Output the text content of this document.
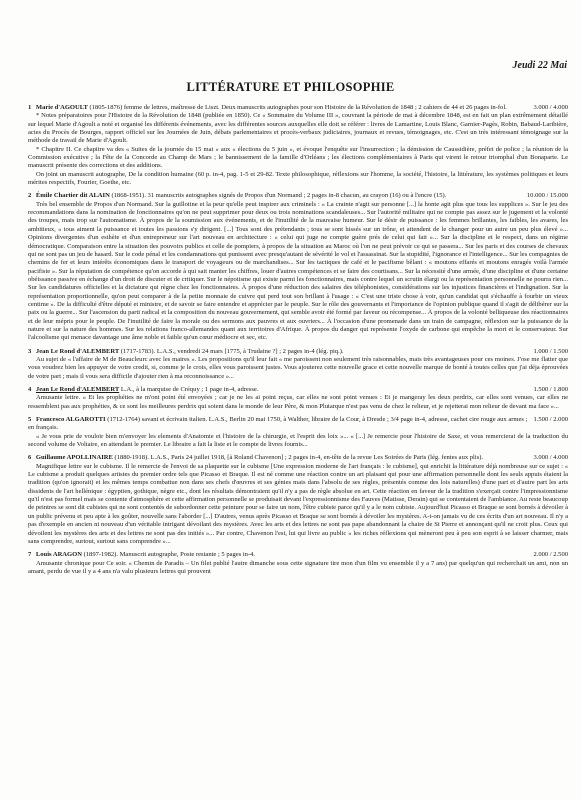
Jeudi 22 Mai
LITTÉRATURE ET PHILOSOPHIE

3.000 / 4.000
1 Marie d'AGOULT (1805-1876) femme de lettres, maîtresse de Liszt. Deux manuscrits autographes pour son Histoire de la Révolution de 1848 ; 2 cahiers de 44 et 26 pages in-fol.

* Notes préparatoires pour l'Histoire de la Révolution de 1848 (publiée en 1850). Ce « Sommaire du Volume III », couvrant la période de mai à décembre 1848, est en fait un plan extrêmement détaillé sur lequel Marie d'Agoult a noté et organisé les différents événements, avec les différentes sources auxquelles elle doit se référer : livres de Lamartine, Louis Blanc, Garnier-Pagès, Robin, Babaud-Laribière, actes du Procès de Bourges, rapport officiel sur les Journées de Juin, débats parlementaires et procès-verbaux judiciaires, journaux et revues, témoignages, etc. C'est un très intéressant témoignage sur la méthode de travail de Marie d'Agoult.

* Chapitre II. Ce chapitre va des « Suites de la journée du 15 mai » aux « élections du 5 juin », et évoque l'enquête sur l'insurrection ; la démission de Caussidière, préfet de police ; la réunion de la Commission exécutive ; la Fête de la Concorde au Champ de Mars ; le bannissement de la famille d'Orléans ; les élections complémentaires à Paris qui virent le retour triomphal d'un Bonaparte. Le manuscrit présente des corrections et des additions.

On joint un manuscrit autographe, De la condition humaine (60 p. in-4, pag. 1-5 et 29-82. Texte philosophique, réflexions sur l'homme, la société, l'histoire, la littérature, les systèmes politiques et leurs mérites respectifs, Fourier, Goethe, etc.

10.000 / 15.000
2 Émile Chartier dit ALAIN (1868-1951). 31 manuscrits autographes signés de Propos d'un Normand ; 2 pages in-8 chacun, au crayon (16) ou à l'encre (15).

Très bel ensemble de Propos d'un Normand. Sur la guillotine et la peur qu'elle peut inspirer aux criminels : « La crainte n'agit sur personne [...] la honte agit plus que tous les supplices ». Sur le jeu des recommandations dans la nomination de fonctionnaires qu'on ne peut supprimer pour deux ou trois nominations scandaleuses... Sur l'autorité militaire qui ne compte pas assez sur le jugement et la volonté des troupes, mais trop sur l'automatisme. À propos de la soumission aux événements, et de l'inutilité de la mauvaise humeur. Sur le désir de puissance : les femmes brillantes, les faibles, les avares, les ambitieux, « tous aiment la puissance et toutes les passions s'y dirigent. [...] Tous sont des prétendants ; tous se sont hissés sur un trône, et attendent de le changer pour un autre un peu plus élevé »... Opinions divergentes d'un esthète et d'un entrepreneur sur l'art nouveau en architecture : « celui qui juge ne compte guère prés de celui qui fait »... Sur la discipline et le respect, dans un régime démocratique. Comparaison entre la situation des pouvoirs publics et celle de pompiers, à propos de la situation au Maroc où l'on ne peut prévoir ce qui se passera... Sur les paris et des courses de chevaux qui ne sont pas un jeu de hasard. Sur le code pénal et les condamnations qui punissent avec presqu'autant de sévérité le vol et l'assassinat. Sur la stupidité, l'ignorance et l'intelligence... Sur les compagnies de chemins de fer et leurs intérêts économiques dans le transport de voyageurs ou de marchandises... Sur les tactiques de café et le pacifisme bêlant : « moutons effarés et moutons enragés voilà l'armée pacifiste ». Sur la réputation de compétence qu'on accorde à qui sait manier les chiffres, louer d'autres compétences et se faire des courtisans... Sur la nécessité d'une armée, d'une discipline et d'une certaine obéissance passive en échange d'un droit de discuter et de critiquer. Sur le népotisme qui existe parmi les fonctionnaires, mais contre lequel un scrutin élargi ou la représentation personnelle ne pourra rien... Sur les candidatures officielles et la dictature qui règne chez les fonctionnaires. À propos d'une réduction des salaires des téléphonistes, considérations sur les injustices financières et l'indignation. Sur la représentation proportionnelle, qu'on peut comparer à de la petite monnaie de cuivre qui perd tout son brillant à l'usage : « C'est une triste chose à voir, qu'un candidat qui s'échauffe à fourbir un vieux centime ». De la difficulté d'être député et ministre, et de savoir se faire entendre et apprécier par le peuple. Sur le rôle des gouvernants et l'importance de l'opinion publique quand il s'agit de délibérer sur la paix ou la guerre... Sur l'ascension du parti radical et la composition du nouveau gouvernement, qui semble avoir été formé par faveur ou récompense... À propos de la volonté belliqueuse des réactionnaires et de leur mépris pour le peuple. De l'inutilité de faire la morale ou des sermons aux pauvres et aux ouvriers... À l'occasion d'une promenade dans un train de campagne, réflexion sur la puissance de la nature et sur la nature des hommes. Sur les relations franco-allemandes quant aux territoires d'Afrique. À propos du danger qui représente l'oxyde de carbone qui empêche la mort et le conservateur. Sur l'alcoolisme qui menace davantage une âme noble et faible qu'un cœur médiocre et sec, etc.

1.000 / 1.500
3 Jean Le Rond d'ALEMBERT (1717-1783). L.A.S., vendredi 24 mars [1775, à Trudaine ?] ; 2 pages in-4 (lég. piq.).

Au sujet de « l'affaire de M de Beaucleurc avec les maires ». Les propositions qu'il leur fait « me paroissent non seulement très raisonnables, mais très avantageuses pour ces moines. J'ose me flatter que vous voudrez bien les appuyer de votre credit, si, comme je le crois, elles vous paroissent justes. Vous ajouterez cette nouvelle grace et cette nouvelle marque de bonté à toutes celles que j'ai déja éprouvées de votre part ; mais il vous sera difficile d'ajouter rien à ma reconnoissance »...

1.500 / 1.800
4 Jean Le Rond d'ALEMBERT L.A., à la marquise de Créquy ; 1 page in-4, adresse.

Amusante lettre. « Et les prophéties ne m'ont point été envoyées ; car je ne les ai point reçus, car elles ne sont point venues : Et je mangeray les deux perdrix, car elles sont venues, car elles ne ressemblent pas aux prophéties, & ce sont les meilleures perdrix qui soient dans le monde de leur Père, & mon Plutarque n'est pas venu de chez le relieur, et je rejetterai mon relieur de devant ma face »...

1.500 / 2.000
5 Francesco ALGAROTTI (1712-1764) savant et écrivain italien. L.A.S., Berlin 20 mai 1750, à Walther, libraire de la Cour, à Dresde ; 3/4 page in-4, adresse, cachet cire rouge aux armes ; en français.

« Je vous prie de vouloir bien m'envoyer les elements d'Anatomie et l'histoire de la chirurgie, et l'esprit des loix »... « [...] Je remercie pour l'histoire de Saxe, et vous remercierai de la traduction du second volume de Voltaire, en attendant le premier. Le libraire a fait la liste et le compte de livres fournis...

3.000 / 4.000
6 Guillaume APOLLINAIRE (1880-1918). L.A.S., Paris 24 juillet 1918, [à Roland Chavenon] ; 2 pages in-4, en-tête de la revue Les Soirées de Paris (lég. fentes aux plis).

Magnifique lettre sur le cubisme. Il le remercie de l'envoi de sa plaquette sur le cubisme [Une expression moderne de l'art français : le cubisme], qui enrichit la littérature déjà nombreuse sur ce sujet : « Le cubisme a produit quelques artistes du premier ordre tels que Picasso et Braque. Il est né comme une réaction contre un art plaisant qui pour une affirmation personnelle dont les seuls appuis étaient la tradition (qu'on ignorait) et les mêmes temps combattue non dans ses chefs d'œuvres et ses génies mais dans l'absolu de ses règles, présentés comme des lois naturelles) d'une part et d'autre part les arts dissidents de l'art hellénique : égyptien, gothique, nègre etc., dont les résultats démontraient qu'il n'y a pas de règle absolue en art. Cette réaction en faveur de la tradition s'exerçait contre l'impressionnisme qu'il n'est pas formel mais se contente d'atmosphère et cette affirmation personnelle se produisait devant l'expressionnisme des Fauves (Matisse, Derain) qui se contentaient de l'ambiance. Au reste beaucoup de peintres se sont dit cubistes qui ne sont contentés de subordonner cette peinture pour se faire un nom, l'être cubiste parce qu'il y a le nom cubiste. Aujourd'hui Picasso et Braque se sont bornés à dévoiler à un public prévenu et peu apte à les goûter, nouvelle sans l'aborder [...] D'autres, venus après Picasso et Braque se sont bornés à dévoiler les mystères. A-t-on jamais vu de ces écrits d'un art nouveau. Il n'y a pas d'exemple en ancien ni nouveau d'un véritable intrigant dévoilant des mystères. Avec les arts et des lettres ne sont pas pape abandonnant la chaire de St Pierre et annonçant qu'il ne croit plus. Ceux qui dévoilent les mystères des arts et des lettres ne sont pas des initiés »... Par contre, Chavenon l'est, lui qui livre au public « les riches réflexions qui mèneront peu à peu son esprit à se laisser charmer, mais sans comprendre, surtout, surtout sans comprendre »...

2.000 / 2.500
7 Louis ARAGON (1897-1982). Manuscrit autographe, Poste restante ; 5 pages in-4.

Amusante chronique pour Ce soir. « Chemin de Paradis – Un filet publié l'autre dimanche sous cette signature tire mon d'un film vu ensemble il y a 7 ans) par quelqu'un qui recherchait un ami, non un amant, perdu de vue il y a 4 ans n'a valu plusieurs lettres qui prouvent
